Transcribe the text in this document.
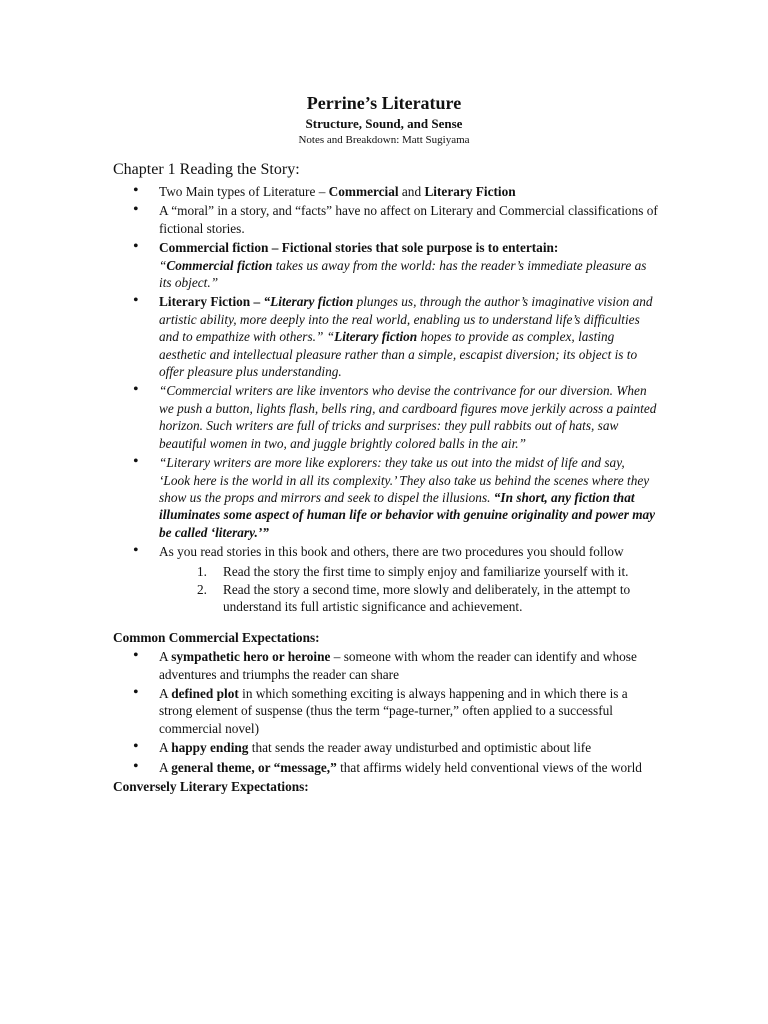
Perrine’s Literature
Structure, Sound, and Sense
Notes and Breakdown: Matt Sugiyama
Chapter 1 Reading the Story:
• Two Main types of Literature – Commercial and Literary Fiction
• A “moral” in a story, and “facts” have no affect on Literary and Commercial classifications of fictional stories.
• Commercial fiction – Fictional stories that sole purpose is to entertain:
“Commercial fiction takes us away from the world: has the reader’s immediate pleasure as its object.”
• Literary Fiction – “Literary fiction plunges us, through the author’s imaginative vision and artistic ability, more deeply into the real world, enabling us to understand life’s difficulties and to empathize with others.” “Literary fiction hopes to provide as complex, lasting aesthetic and intellectual pleasure rather than a simple, escapist diversion; its object is to offer pleasure plus understanding.
• “Commercial writers are like inventors who devise the contrivance for our diversion. When we push a button, lights flash, bells ring, and cardboard figures move jerkily across a painted horizon. Such writers are full of tricks and surprises: they pull rabbits out of hats, saw beautiful women in two, and juggle brightly colored balls in the air.”
• “Literary writers are more like explorers: they take us out into the midst of life and say, ‘Look here is the world in all its complexity.’ They also take us behind the scenes where they show us the props and mirrors and seek to dispel the illusions. “In short, any fiction that illuminates some aspect of human life or behavior with genuine originality and power may be called ‘literary.’”
• As you read stories in this book and others, there are two procedures you should follow
1. Read the story the first time to simply enjoy and familiarize yourself with it.
2. Read the story a second time, more slowly and deliberately, in the attempt to understand its full artistic significance and achievement.
Common Commercial Expectations:
• A sympathetic hero or heroine – someone with whom the reader can identify and whose adventures and triumphs the reader can share
• A defined plot in which something exciting is always happening and in which there is a strong element of suspense (thus the term “page-turner,” often applied to a successful commercial novel)
• A happy ending that sends the reader away undisturbed and optimistic about life
• A general theme, or “message,” that affirms widely held conventional views of the world
Conversely Literary Expectations:
